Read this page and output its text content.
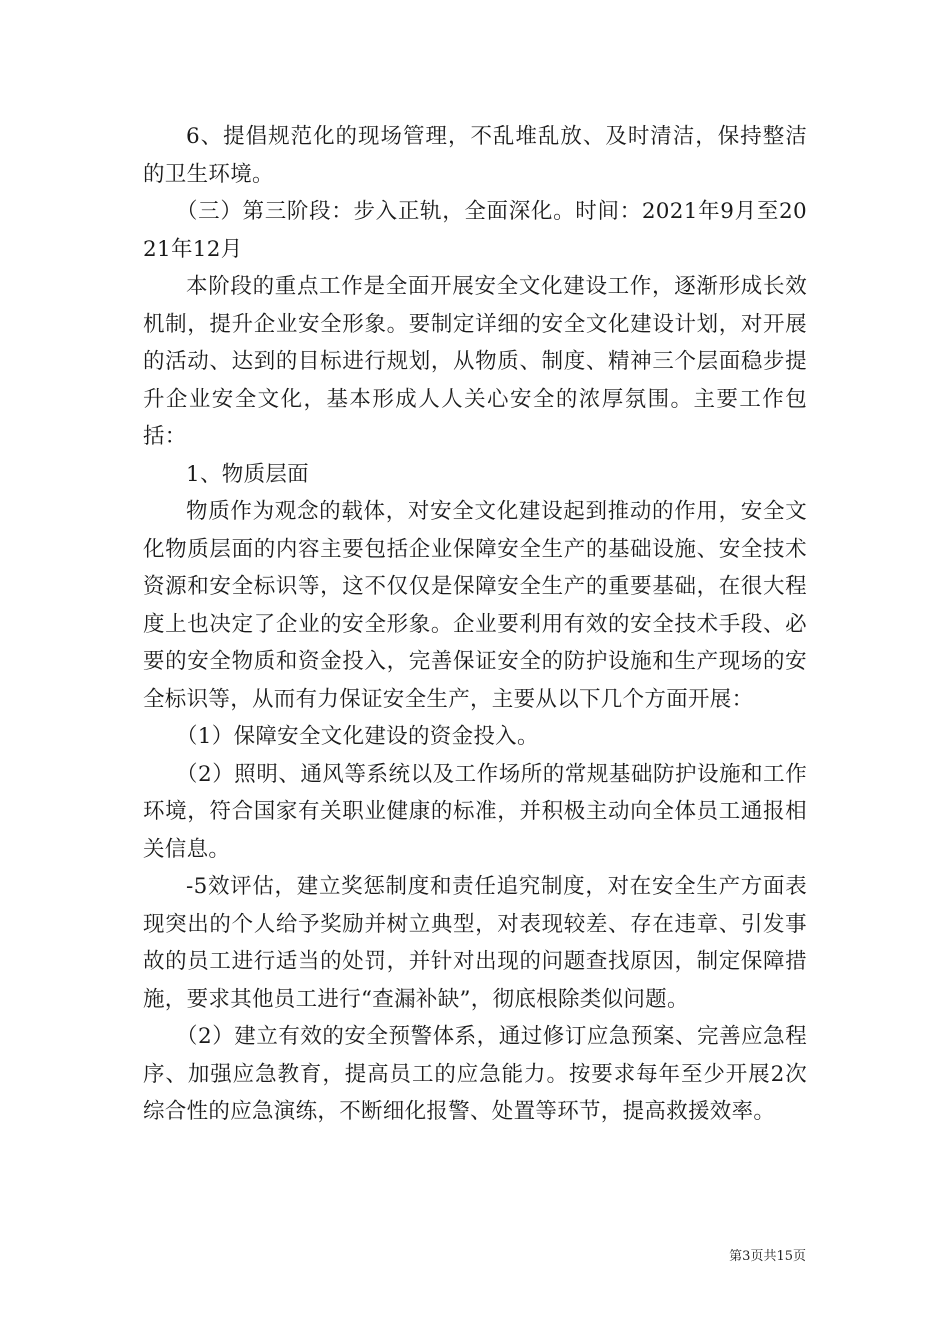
6、提倡规范化的现场管理，不乱堆乱放、及时清洁，保持整洁的卫生环境。

（三）第三阶段：步入正轨，全面深化。时间：2021年9月至2021年12月

本阶段的重点工作是全面开展安全文化建设工作，逐渐形成长效机制，提升企业安全形象。要制定详细的安全文化建设计划，对开展的活动、达到的目标进行规划，从物质、制度、精神三个层面稳步提升企业安全文化，基本形成人人关心安全的浓厚氛围。主要工作包括：

1、物质层面

物质作为观念的载体，对安全文化建设起到推动的作用，安全文化物质层面的内容主要包括企业保障安全生产的基础设施、安全技术资源和安全标识等，这不仅仅是保障安全生产的重要基础，在很大程度上也决定了企业的安全形象。企业要利用有效的安全技术手段、必要的安全物质和资金投入，完善保证安全的防护设施和生产现场的安全标识等，从而有力保证安全生产，主要从以下几个方面开展：

（1）保障安全文化建设的资金投入。

（2）照明、通风等系统以及工作场所的常规基础防护设施和工作环境，符合国家有关职业健康的标准，并积极主动向全体员工通报相关信息。

-5效评估，建立奖惩制度和责任追究制度，对在安全生产方面表现突出的个人给予奖励并树立典型，对表现较差、存在违章、引发事故的员工进行适当的处罚，并针对出现的问题查找原因，制定保障措施，要求其他员工进行“查漏补缺”，彻底根除类似问题。

（2）建立有效的安全预警体系，通过修订应急预案、完善应急程序、加强应急教育，提高员工的应急能力。按要求每年至少开展2次综合性的应急演练，不断细化报警、处置等环节，提高救援效率。

第3页共15页
